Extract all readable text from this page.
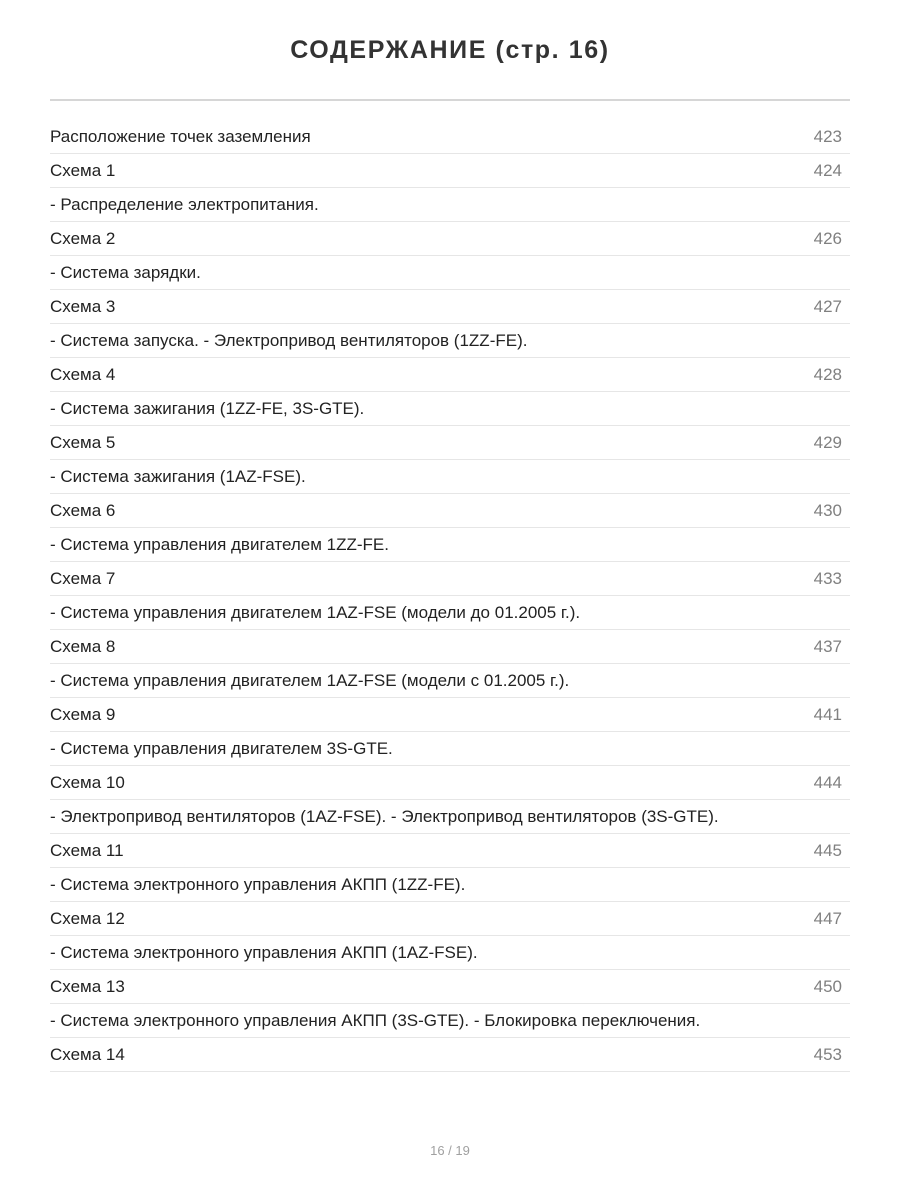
СОДЕРЖАНИЕ (стр. 16)
Расположение точек заземления	423
Схема 1	424
- Распределение электропитания.
Схема 2	426
- Система зарядки.
Схема 3	427
- Система запуска. - Электропривод вентиляторов (1ZZ-FE).
Схема 4	428
- Система зажигания (1ZZ-FE, 3S-GTE).
Схема 5	429
- Система зажигания (1AZ-FSE).
Схема 6	430
- Система управления двигателем 1ZZ-FE.
Схема 7	433
- Система управления двигателем 1AZ-FSE (модели до 01.2005 г.).
Схема 8	437
- Система управления двигателем 1AZ-FSE (модели с 01.2005 г.).
Схема 9	441
- Система управления двигателем 3S-GTE.
Схема 10	444
- Электропривод вентиляторов (1AZ-FSE). - Электропривод вентиляторов (3S-GTE).
Схема 11	445
- Система электронного управления АКПП (1ZZ-FE).
Схема 12	447
- Система электронного управления АКПП (1AZ-FSE).
Схема 13	450
- Система электронного управления АКПП (3S-GTE). - Блокировка переключения.
Схема 14	453
16 / 19
